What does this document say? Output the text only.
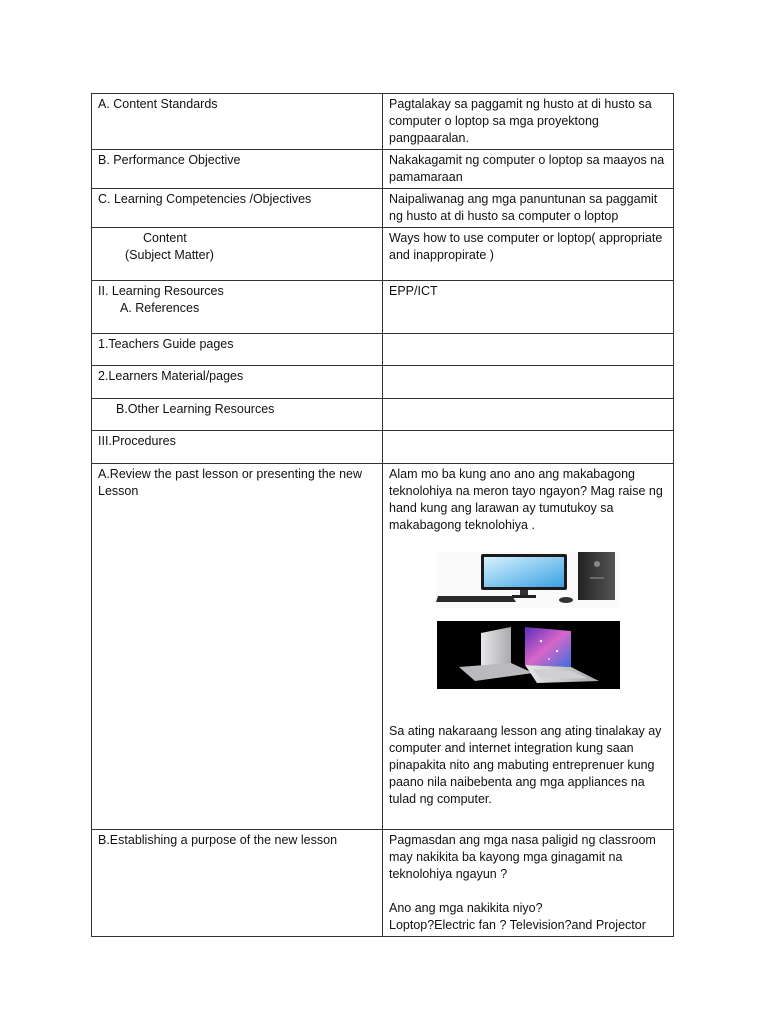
A. Content Standards	Pagtalakay sa paggamit ng husto at di husto sa computer o loptop sa mga proyektong pangpaaralan.
B. Performance Objective	Nakakagamit ng computer o loptop sa maayos na pamamaraan
C. Learning Competencies /Objectives	Naipaliwanag ang mga panuntunan sa paggamit ng husto at di husto sa computer o loptop

Content
(Subject Matter)	Ways how to use computer or loptop( appropriate and inappropirate )

II. Learning Resources
A. References	EPP/ICT
1.Teachers Guide pages	
2.Learners Material/pages	
B.Other Learning Resources	
III.Procedures	
A.Review the past lesson or presenting the new Lesson	Alam mo ba kung ano ano ang makabagong teknolohiya na meron tayo ngayon? Mag raise ng hand kung ang larawan ay tumutukoy sa makabagong teknolohiya .
Sa ating nakaraang lesson ang ating tinalakay ay computer and internet integration kung saan pinapakita nito ang mabuting entreprenuer kung paano nila naibebenta ang mga appliances na tulad ng computer.

B.Establishing a purpose of the new lesson	Pagmasdan ang mga nasa paligid ng classroom may nakikita ba kayong mga ginagamit na teknolohiya ngayun ?
Ano ang mga nakikita niyo?
Loptop?Electric fan ? Television?and Projector
